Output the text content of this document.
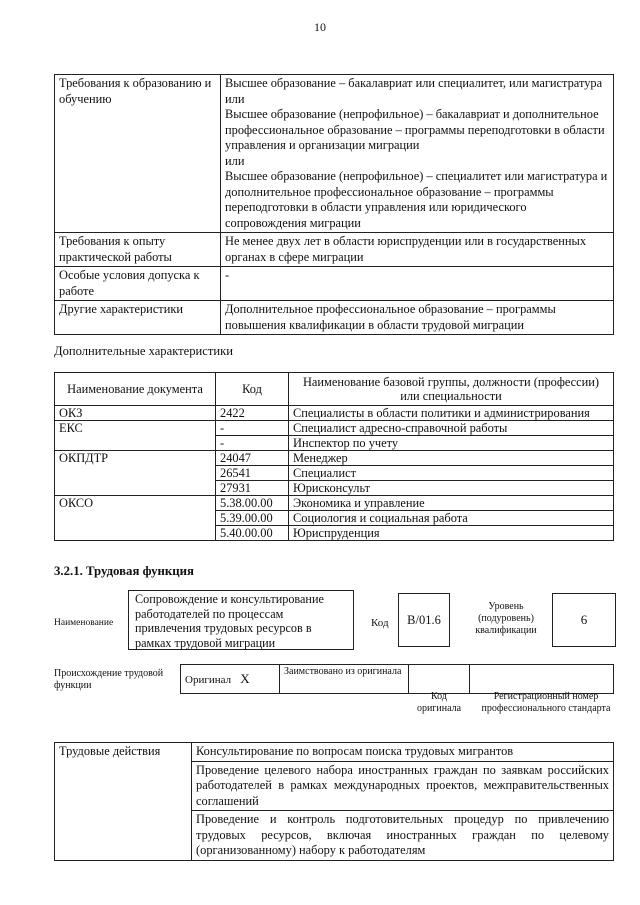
10
Требования к образованию и обучению	Высшее образование – бакалавриат или специалитет, или магистратура
или
Высшее образование (непрофильное) – бакалавриат и дополнительное профессиональное образование – программы переподготовки в области управления и организации миграции
или
Высшее образование (непрофильное) – специалитет или магистратура и дополнительное профессиональное образование – программы переподготовки в области управления или юридического сопровождения миграции

Требования к опыту практической работы	Не менее двух лет в области юриспруденции или в государственных органах в сфере миграции

Особые условия допуска к работе	-

Другие характеристики	Дополнительное профессиональное образование – программы повышения квалификации в области трудовой миграции
Дополнительные характеристики
Наименование документа	Код	Наименование базовой группы, должности (профессии) или специальности
ОКЗ	2422	Специалисты в области политики и администрирования
ЕКС	-	Специалист адресно-справочной работы
	-	Инспектор по учету
ОКПДТР	24047	Менеджер
	26541	Специалист
	27931	Юрисконсульт
ОКСО	5.38.00.00	Экономика и управление
	5.39.00.00	Социология и социальная работа
	5.40.00.00	Юриспруденция
3.2.1. Трудовая функция
Наименование
Сопровождение и консультирование работодателей по процессам привлечения трудовых ресурсов в рамках трудовой миграции
Код	В/01.6
Уровень (подуровень) квалификации
6
Происхождение трудовой функции	Оригинал X	Заимствовано из оригинала		
Код оригинала
Регистрационный номер профессионального стандарта
Трудовые действия	Консультирование по вопросам поиска трудовых мигрантов
Проведение целевого набора иностранных граждан по заявкам российских работодателей в рамках международных проектов, межправительственных соглашений
Проведение и контроль подготовительных процедур по привлечению трудовых ресурсов, включая иностранных граждан по целевому (организованному) набору к работодателям
